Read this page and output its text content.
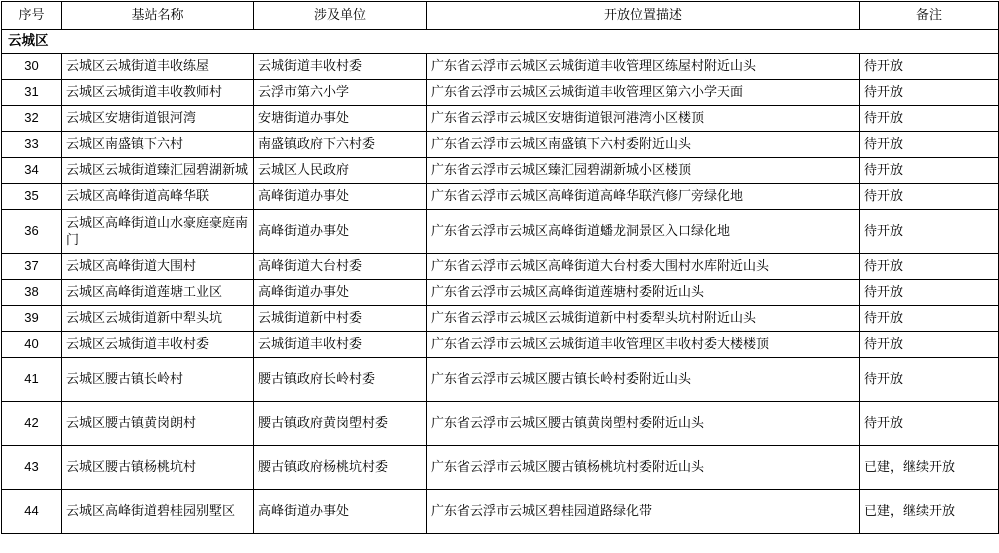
序号	基站名称	涉及单位	开放位置描述	备注
云城区				
30	云城区云城街道丰收练屋	云城街道丰收村委	广东省云浮市云城区云城街道丰收管理区练屋村附近山头	待开放
31	云城区云城街道丰收教师村	云浮市第六小学	广东省云浮市云城区云城街道丰收管理区第六小学天面	待开放
32	云城区安塘街道银河湾	安塘街道办事处	广东省云浮市云城区安塘街道银河港湾小区楼顶	待开放
33	云城区南盛镇下六村	南盛镇政府下六村委	广东省云浮市云城区南盛镇下六村委附近山头	待开放
34	云城区云城街道臻汇园碧湖新城	云城区人民政府	广东省云浮市云城区臻汇园碧湖新城小区楼顶	待开放
35	云城区高峰街道高峰华联	高峰街道办事处	广东省云浮市云城区高峰街道高峰华联汽修厂旁绿化地	待开放
36	云城区高峰街道山水豪庭豪庭南门	高峰街道办事处	广东省云浮市云城区高峰街道蟠龙洞景区入口绿化地	待开放
37	云城区高峰街道大围村	高峰街道大台村委	广东省云浮市云城区高峰街道大台村委大围村水库附近山头	待开放
38	云城区高峰街道莲塘工业区	高峰街道办事处	广东省云浮市云城区高峰街道莲塘村委附近山头	待开放
39	云城区云城街道新中犁头坑	云城街道新中村委	广东省云浮市云城区云城街道新中村委犁头坑村附近山头	待开放
40	云城区云城街道丰收村委	云城街道丰收村委	广东省云浮市云城区云城街道丰收管理区丰收村委大楼楼顶	待开放
41	云城区腰古镇长岭村	腰古镇政府长岭村委	广东省云浮市云城区腰古镇长岭村委附近山头	待开放
42	云城区腰古镇黄岗朗村	腰古镇政府黄岗塱村委	广东省云浮市云城区腰古镇黄岗塱村委附近山头	待开放
43	云城区腰古镇杨桃坑村	腰古镇政府杨桃坑村委	广东省云浮市云城区腰古镇杨桃坑村委附近山头	已建，继续开放
44	云城区高峰街道碧桂园别墅区	高峰街道办事处	广东省云浮市云城区碧桂园道路绿化带	已建，继续开放
